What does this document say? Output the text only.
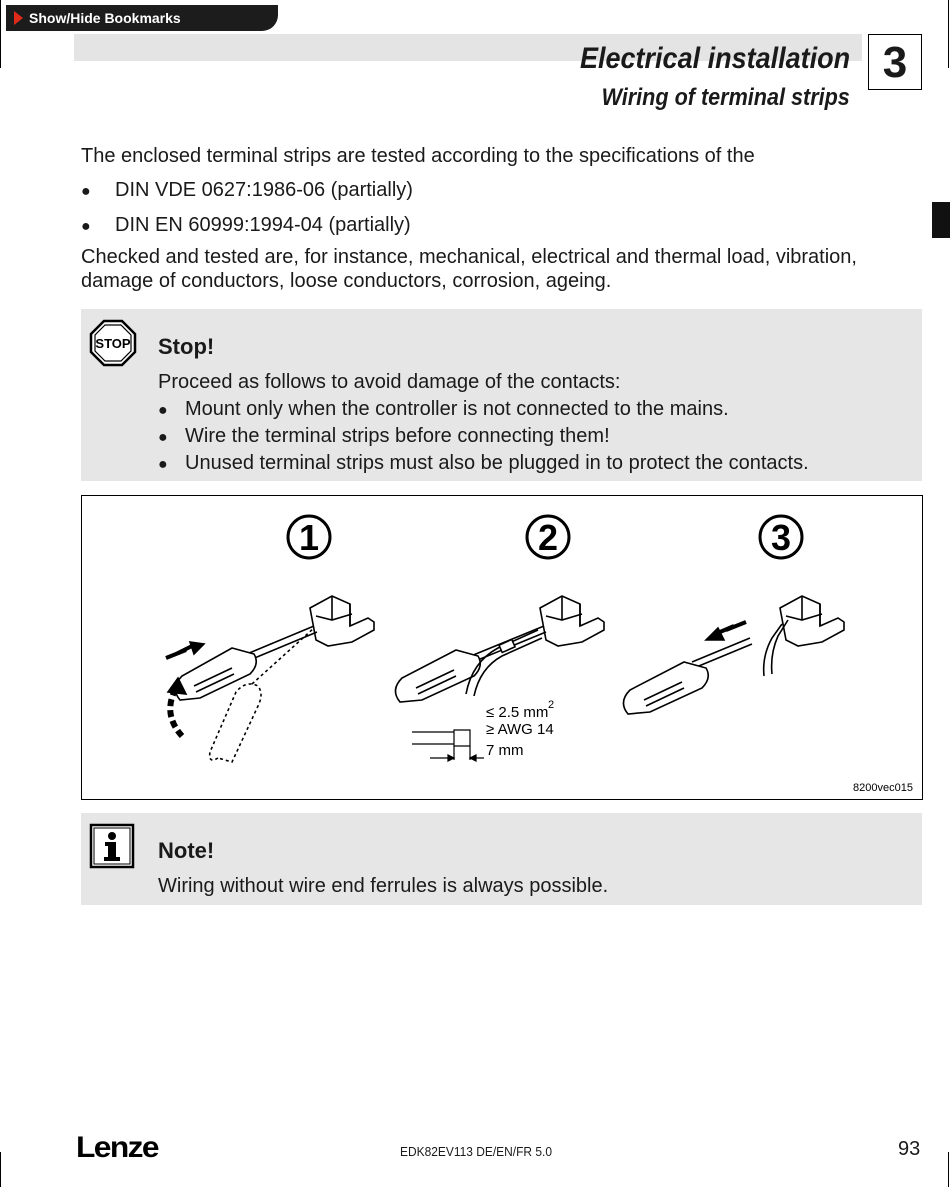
Show/Hide Bookmarks
Electrical installation
Wiring of terminal strips
3
The enclosed terminal strips are tested according to the specifications of the
● DIN VDE 0627:1986-06 (partially)
● DIN EN 60999:1994-04 (partially)
Checked and tested are, for instance, mechanical, electrical and thermal load, vibration,
damage of conductors, loose conductors, corrosion, ageing.
STOP Stop!
Proceed as follows to avoid damage of the contacts:
● Mount only when the controller is not connected to the mains.
● Wire the terminal strips before connecting them!
● Unused terminal strips must also be plugged in to protect the contacts.
1	2	3
≤ 2.5 mm 2
≥ AWG 14
7 mm
8200vec015
Note!
Wiring without wire end ferrules is always possible.
Lenze	EDK82EV113 DE/EN/FR 5.0	93
